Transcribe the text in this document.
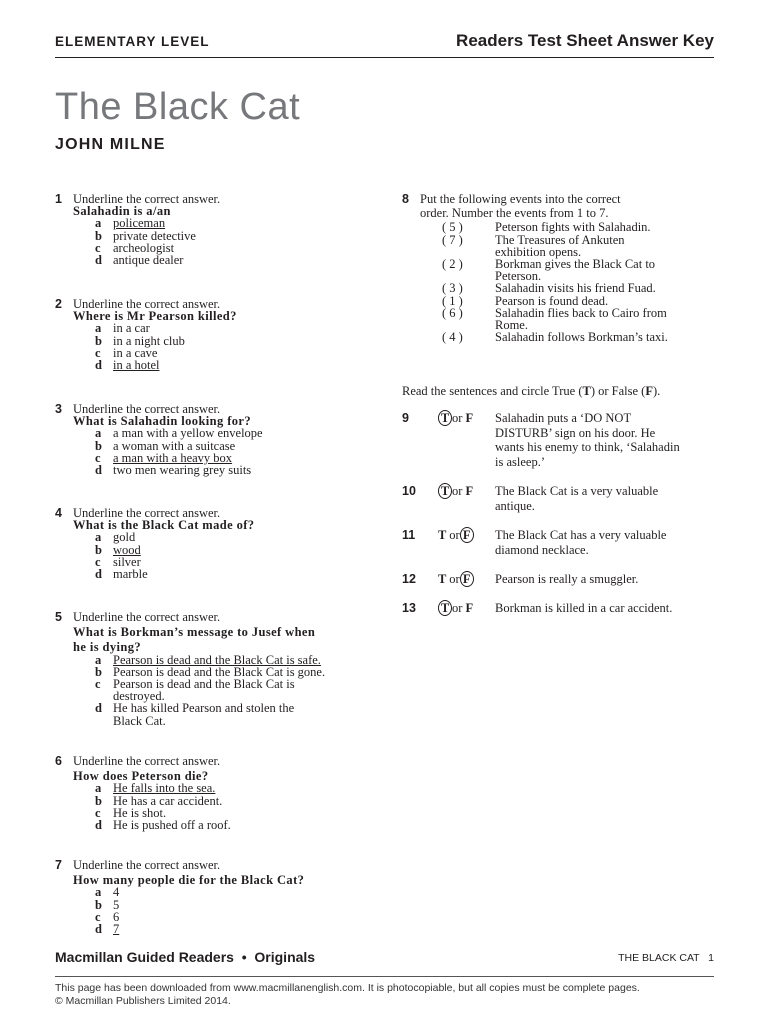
ELEMENTARY LEVEL	Readers Test Sheet Answer Key
The Black Cat
JOHN MILNE
1 Underline the correct answer.
Salahadin is a/an
a policeman
b private detective
c archeologist
d antique dealer
2 Underline the correct answer.
Where is Mr Pearson killed?
a in a car
b in a night club
c in a cave
d in a hotel
3 Underline the correct answer.
What is Salahadin looking for?
a a man with a yellow envelope
b a woman with a suitcase
c a man with a heavy box
d two men wearing grey suits
4 Underline the correct answer.
What is the Black Cat made of?
a gold
b wood
c silver
d marble
5 Underline the correct answer.
What is Borkman’s message to Jusef when
he is dying?
a Pearson is dead and the Black Cat is safe.
b Pearson is dead and the Black Cat is gone.
c Pearson is dead and the Black Cat is
destroyed.
d He has killed Pearson and stolen the
Black Cat.
6 Underline the correct answer.
How does Peterson die?
a He falls into the sea.
b He has a car accident.
c He is shot.
d He is pushed off a roof.
7 Underline the correct answer.
How many people die for the Black Cat?
a 4
b 5
c 6
d 7
8 Put the following events into the correct
order. Number the events from 1 to 7.
( 5 )	Peterson fights with Salahadin.
( 7 )	The Treasures of Ankuten
exhibition opens.
( 2 )	Borkman gives the Black Cat to
Peterson.
( 3 )	Salahadin visits his friend Fuad.
( 1 )	Pearson is found dead.
( 6 )	Salahadin flies back to Cairo from
Rome.
( 4 )	Salahadin follows Borkman’s taxi.
Read the sentences and circle True (T) or False (F).
9	T or F	Salahadin puts a ‘DO NOT
DISTURB’ sign on his door. He
wants his enemy to think, ‘Salahadin
is asleep.’
10 T or F	The Black Cat is a very valuable
antique.
11 T or F	The Black Cat has a very valuable
diamond necklace.
12 T or F	Pearson is really a smuggler.
13 T or F	Borkman is killed in a car accident.
Macmillan Guided Readers  •  Originals	THE BLACK CAT   1
This page has been downloaded from www.macmillanenglish.com. It is photocopiable, but all copies must be complete pages.
© Macmillan Publishers Limited 2014.
